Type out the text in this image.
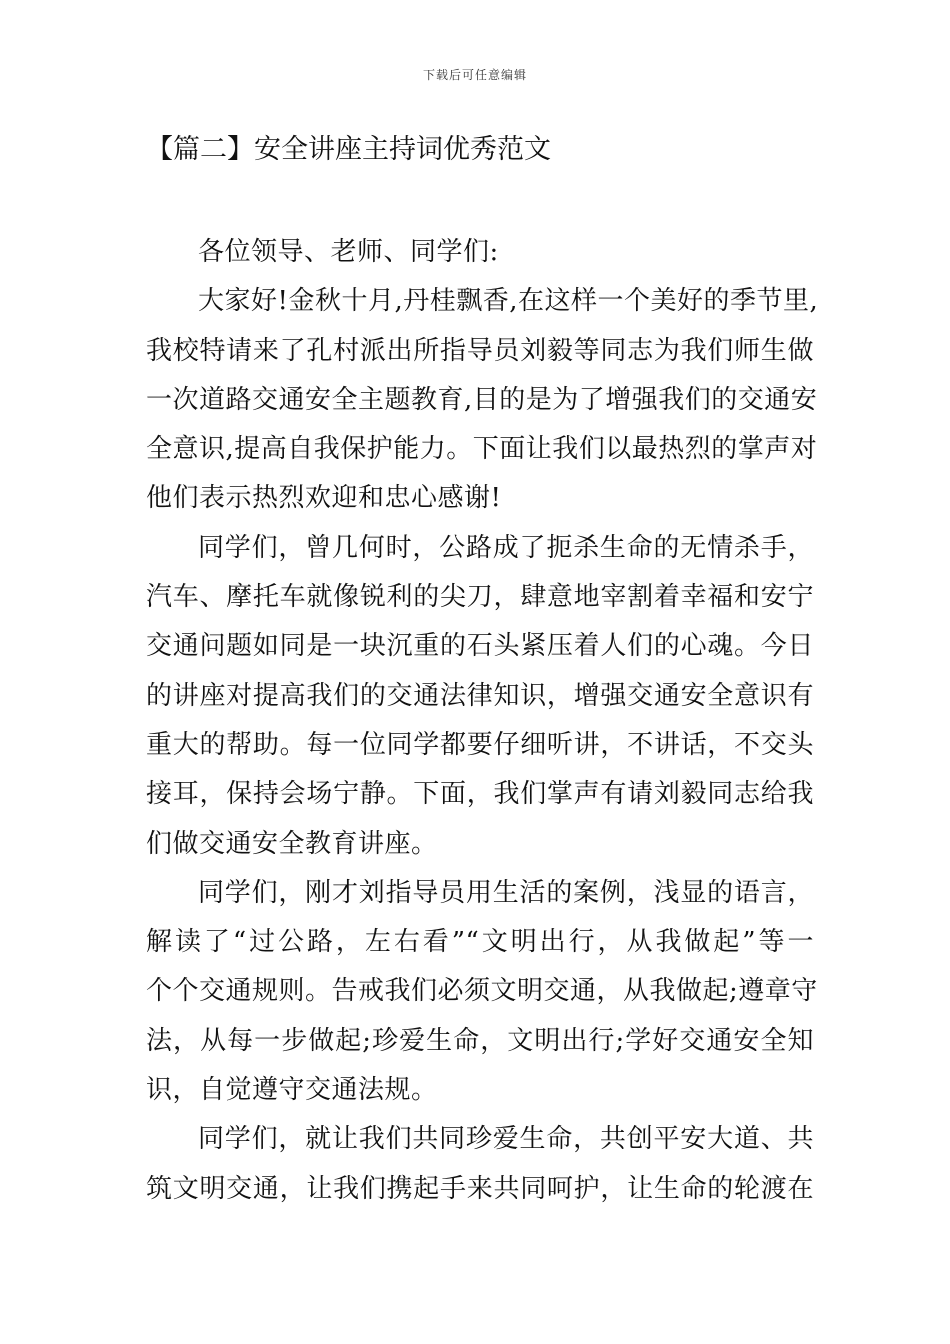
下载后可任意编辑
【篇二】安全讲座主持词优秀范文
各位领导、老师、同学们:
大家好!金秋十月,丹桂飘香,在这样一个美好的季节里,
我校特请来了孔村派出所指导员刘毅等同志为我们师生做
一次道路交通安全主题教育,目的是为了增强我们的交通安
全意识,提高自我保护能力。下面让我们以最热烈的掌声对
他们表示热烈欢迎和忠心感谢!
同学们，曾几何时，公路成了扼杀生命的无情杀手，
汽车、摩托车就像锐利的尖刀，肆意地宰割着幸福和安宁
交通问题如同是一块沉重的石头紧压着人们的心魂。今日
的讲座对提高我们的交通法律知识，增强交通安全意识有
重大的帮助。每一位同学都要仔细听讲，不讲话，不交头
接耳，保持会场宁静。下面，我们掌声有请刘毅同志给我
们做交通安全教育讲座。
同学们，刚才刘指导员用生活的案例，浅显的语言，
解读了“过公路，左右看”“文明出行，从我做起”等一
个个交通规则。告戒我们必须文明交通，从我做起;遵章守
法，从每一步做起;珍爱生命，文明出行;学好交通安全知
识，自觉遵守交通法规。
同学们，就让我们共同珍爱生命，共创平安大道、共
筑文明交通，让我们携起手来共同呵护，让生命的轮渡在
